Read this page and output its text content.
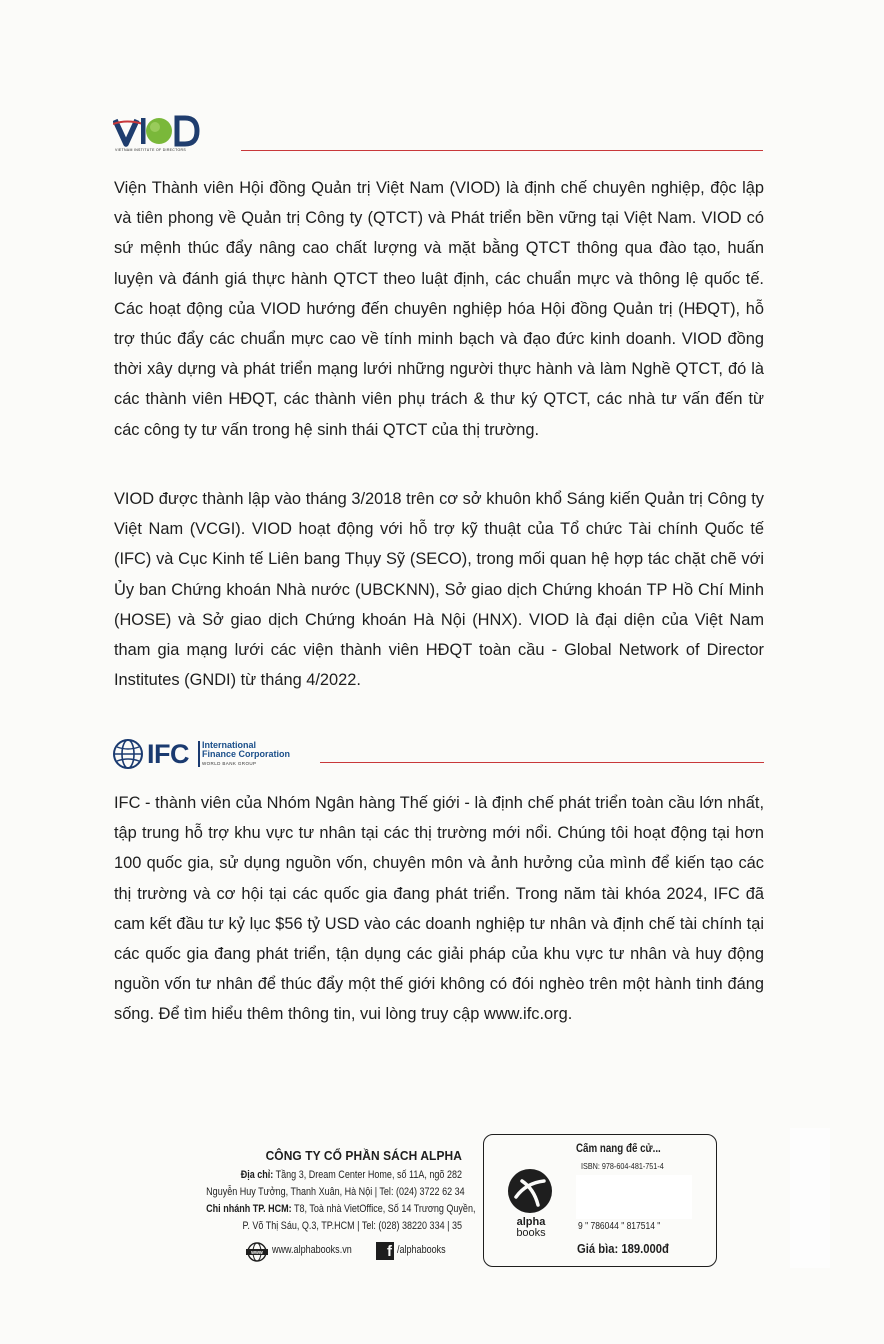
VIETNAM INSTITUTE OF DIRECTORS

Viện Thành viên Hội đồng Quản trị Việt Nam (VIOD) là định chế chuyên nghiệp, độc lập và tiên phong về Quản trị Công ty (QTCT) và Phát triển bền vững tại Việt Nam. VIOD có sứ mệnh thúc đẩy nâng cao chất lượng và mặt bằng QTCT thông qua đào tạo, huấn luyện và đánh giá thực hành QTCT theo luật định, các chuẩn mực và thông lệ quốc tế. Các hoạt động của VIOD hướng đến chuyên nghiệp hóa Hội đồng Quản trị (HĐQT), hỗ trợ thúc đẩy các chuẩn mực cao về tính minh bạch và đạo đức kinh doanh. VIOD đồng thời xây dựng và phát triển mạng lưới những người thực hành và làm Nghề QTCT, đó là các thành viên HĐQT, các thành viên phụ trách & thư ký QTCT, các nhà tư vấn đến từ các công ty tư vấn trong hệ sinh thái QTCT của thị trường.

VIOD được thành lập vào tháng 3/2018 trên cơ sở khuôn khổ Sáng kiến Quản trị Công ty Việt Nam (VCGI). VIOD hoạt động với hỗ trợ kỹ thuật của Tổ chức Tài chính Quốc tế (IFC) và Cục Kinh tế Liên bang Thụy Sỹ (SECO), trong mối quan hệ hợp tác chặt chẽ với Ủy ban Chứng khoán Nhà nước (UBCKNN), Sở giao dịch Chứng khoán TP Hồ Chí Minh (HOSE) và Sở giao dịch Chứng khoán Hà Nội (HNX). VIOD là đại diện của Việt Nam tham gia mạng lưới các viện thành viên HĐQT toàn cầu - Global Network of Director Institutes (GNDI) từ tháng 4/2022.

IFC International
Finance Corporation
WORLD BANK GROUP

IFC - thành viên của Nhóm Ngân hàng Thế giới - là định chế phát triển toàn cầu lớn nhất, tập trung hỗ trợ khu vực tư nhân tại các thị trường mới nổi. Chúng tôi hoạt động tại hơn 100 quốc gia, sử dụng nguồn vốn, chuyên môn và ảnh hưởng của mình để kiến tạo các thị trường và cơ hội tại các quốc gia đang phát triển. Trong năm tài khóa 2024, IFC đã cam kết đầu tư kỷ lục $56 tỷ USD vào các doanh nghiệp tư nhân và định chế tài chính tại các quốc gia đang phát triển, tận dụng các giải pháp của khu vực tư nhân và huy động nguồn vốn tư nhân để thúc đẩy một thế giới không có đói nghèo trên một hành tinh đáng sống. Để tìm hiểu thêm thông tin, vui lòng truy cập www.ifc.org.

CÔNG TY CỔ PHẦN SÁCH ALPHA
Địa chỉ: Tầng 3, Dream Center Home, số 11A, ngõ 282
Nguyễn Huy Tưởng, Thanh Xuân, Hà Nội | Tel: (024) 3722 62 34
Chi nhánh TP. HCM: T8, Toà nhà VietOffice, Số 14 Trương Quyền,
P. Võ Thị Sáu, Q.3, TP.HCM | Tel: (028) 38220 334 | 35
www www.alphabooks.vn	f /alphabooks
alpha
books
Cẩm nang để cử...
ISBN: 978-604-481-751-4
9 " 786044 " 817514 "
Giá bìa: 189.000đ
